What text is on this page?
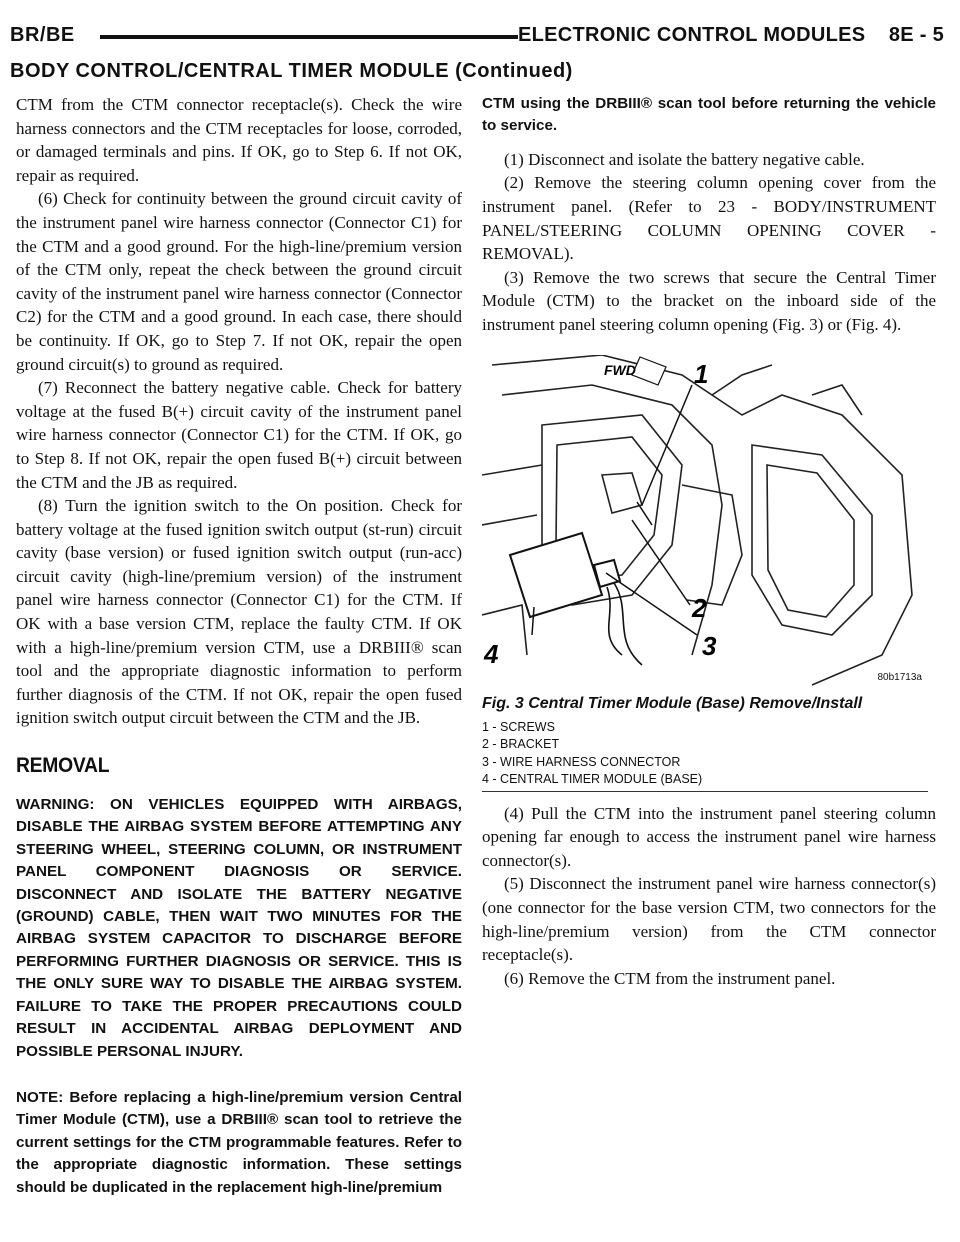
BR/BE	ELECTRONIC CONTROL MODULES    8E - 5
BODY CONTROL/CENTRAL TIMER MODULE (Continued)

CTM from the CTM connector receptacle(s). Check the wire harness connectors and the CTM receptacles for loose, corroded, or damaged terminals and pins. If OK, go to Step 6. If not OK, repair as required.

(6) Check for continuity between the ground circuit cavity of the instrument panel wire harness connector (Connector C1) for the CTM and a good ground. For the high-line/premium version of the CTM only, repeat the check between the ground circuit cavity of the instrument panel wire harness connector (Connector C2) for the CTM and a good ground. In each case, there should be continuity. If OK, go to Step 7. If not OK, repair the open ground circuit(s) to ground as required.

(7) Reconnect the battery negative cable. Check for battery voltage at the fused B(+) circuit cavity of the instrument panel wire harness connector (Connector C1) for the CTM. If OK, go to Step 8. If not OK, repair the open fused B(+) circuit between the CTM and the JB as required.

(8) Turn the ignition switch to the On position. Check for battery voltage at the fused ignition switch output (st-run) circuit cavity (base version) or fused ignition switch output (run-acc) circuit cavity (high-line/premium version) of the instrument panel wire harness connector (Connector C1) for the CTM. If OK with a base version CTM, replace the faulty CTM. If OK with a high-line/premium version CTM, use a DRBIII® scan tool and the appropriate diagnostic information to perform further diagnosis of the CTM. If not OK, repair the open fused ignition switch output circuit between the CTM and the JB.

REMOVAL

WARNING: ON VEHICLES EQUIPPED WITH AIRBAGS, DISABLE THE AIRBAG SYSTEM BEFORE ATTEMPTING ANY STEERING WHEEL, STEERING COLUMN, OR INSTRUMENT PANEL COMPONENT DIAGNOSIS OR SERVICE. DISCONNECT AND ISOLATE THE BATTERY NEGATIVE (GROUND) CABLE, THEN WAIT TWO MINUTES FOR THE AIRBAG SYSTEM CAPACITOR TO DISCHARGE BEFORE PERFORMING FURTHER DIAGNOSIS OR SERVICE. THIS IS THE ONLY SURE WAY TO DISABLE THE AIRBAG SYSTEM. FAILURE TO TAKE THE PROPER PRECAUTIONS COULD RESULT IN ACCIDENTAL AIRBAG DEPLOYMENT AND POSSIBLE PERSONAL INJURY.

NOTE: Before replacing a high-line/premium version Central Timer Module (CTM), use a DRBIII® scan tool to retrieve the current settings for the CTM programmable features. Refer to the appropriate diagnostic information. These settings should be duplicated in the replacement high-line/premium

CTM using the DRBIII® scan tool before returning the vehicle to service.

(1) Disconnect and isolate the battery negative cable.

(2) Remove the steering column opening cover from the instrument panel. (Refer to 23 - BODY/INSTRUMENT PANEL/STEERING COLUMN OPENING COVER - REMOVAL).

(3) Remove the two screws that secure the Central Timer Module (CTM) to the bracket on the inboard side of the instrument panel steering column opening (Fig. 3) or (Fig. 4).

FWD 1
2
3
4
80b1713a
Fig. 3 Central Timer Module (Base) Remove/Install
1 - SCREWS
2 - BRACKET
3 - WIRE HARNESS CONNECTOR
4 - CENTRAL TIMER MODULE (BASE)

(4) Pull the CTM into the instrument panel steering column opening far enough to access the instrument panel wire harness connector(s).

(5) Disconnect the instrument panel wire harness connector(s) (one connector for the base version CTM, two connectors for the high-line/premium version) from the CTM connector receptacle(s).

(6) Remove the CTM from the instrument panel.
